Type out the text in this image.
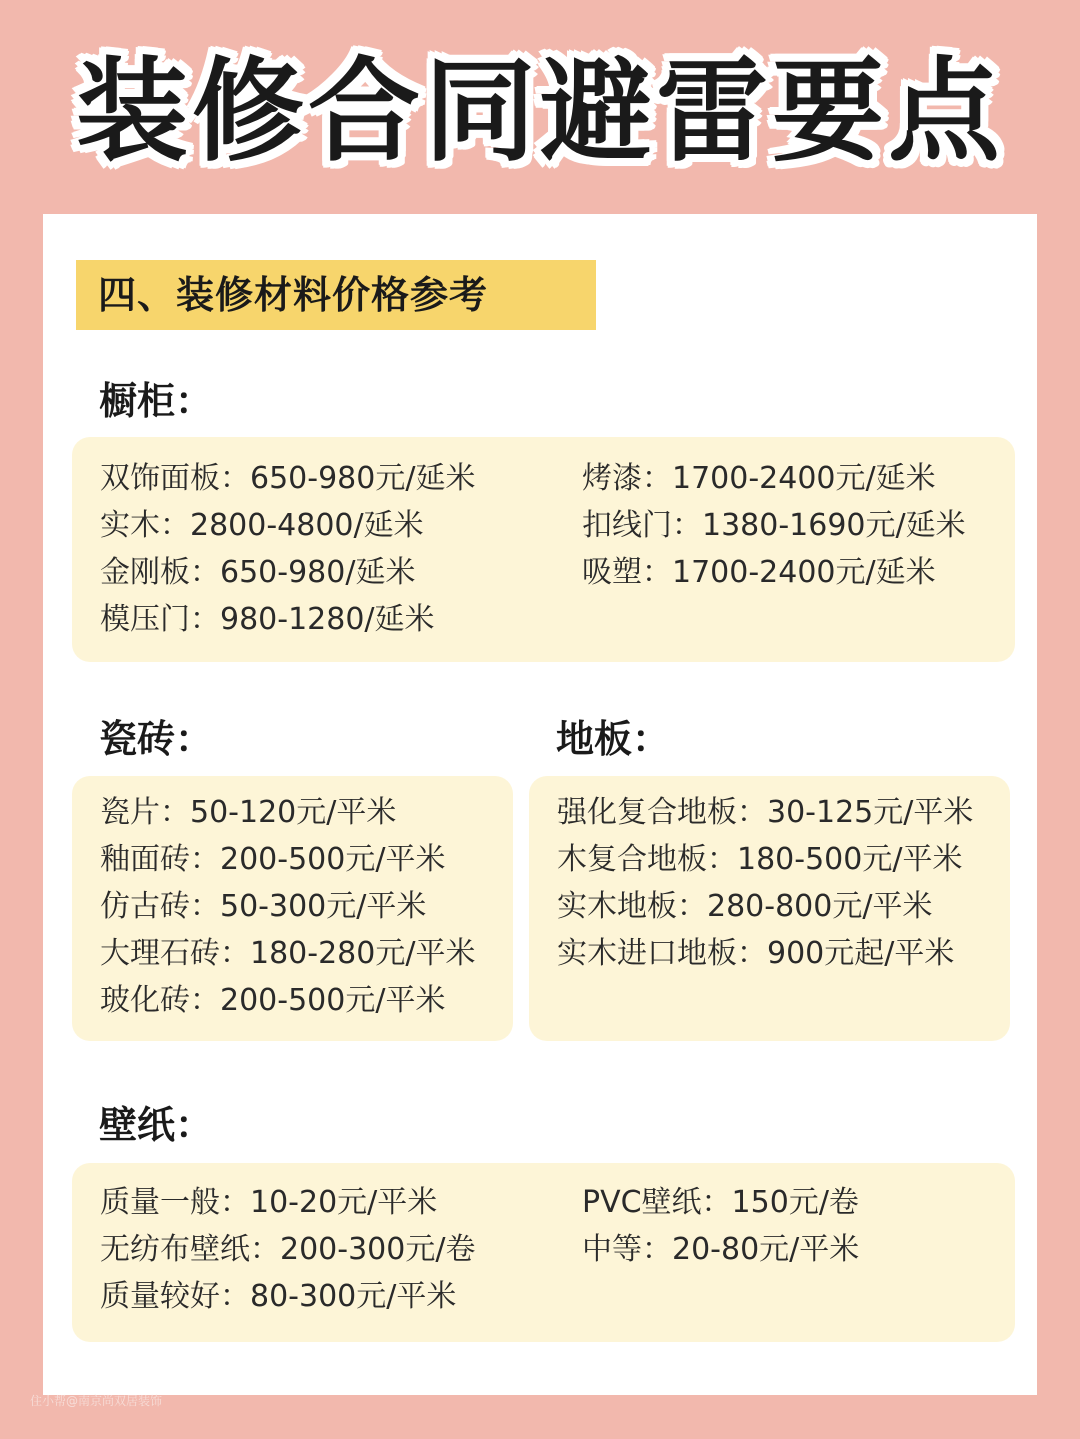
装修合同避雷要点
四、装修材料价格参考
橱柜：
双饰面板：650-980元/延米
实木：2800-4800/延米
金刚板：650-980/延米
模压门：980-1280/延米
烤漆：1700-2400元/延米
扣线门：1380-1690元/延米
吸塑：1700-2400元/延米
瓷砖：
瓷片：50-120元/平米
釉面砖：200-500元/平米
仿古砖：50-300元/平米
大理石砖：180-280元/平米
玻化砖：200-500元/平米
地板：
强化复合地板：30-125元/平米
木复合地板：180-500元/平米
实木地板：280-800元/平米
实木进口地板：900元起/平米
壁纸：
质量一般：10-20元/平米
无纺布壁纸：200-300元/卷
质量较好：80-300元/平米
PVC壁纸：150元/卷
中等：20-80元/平米
住小帮@南京尚双居装饰
